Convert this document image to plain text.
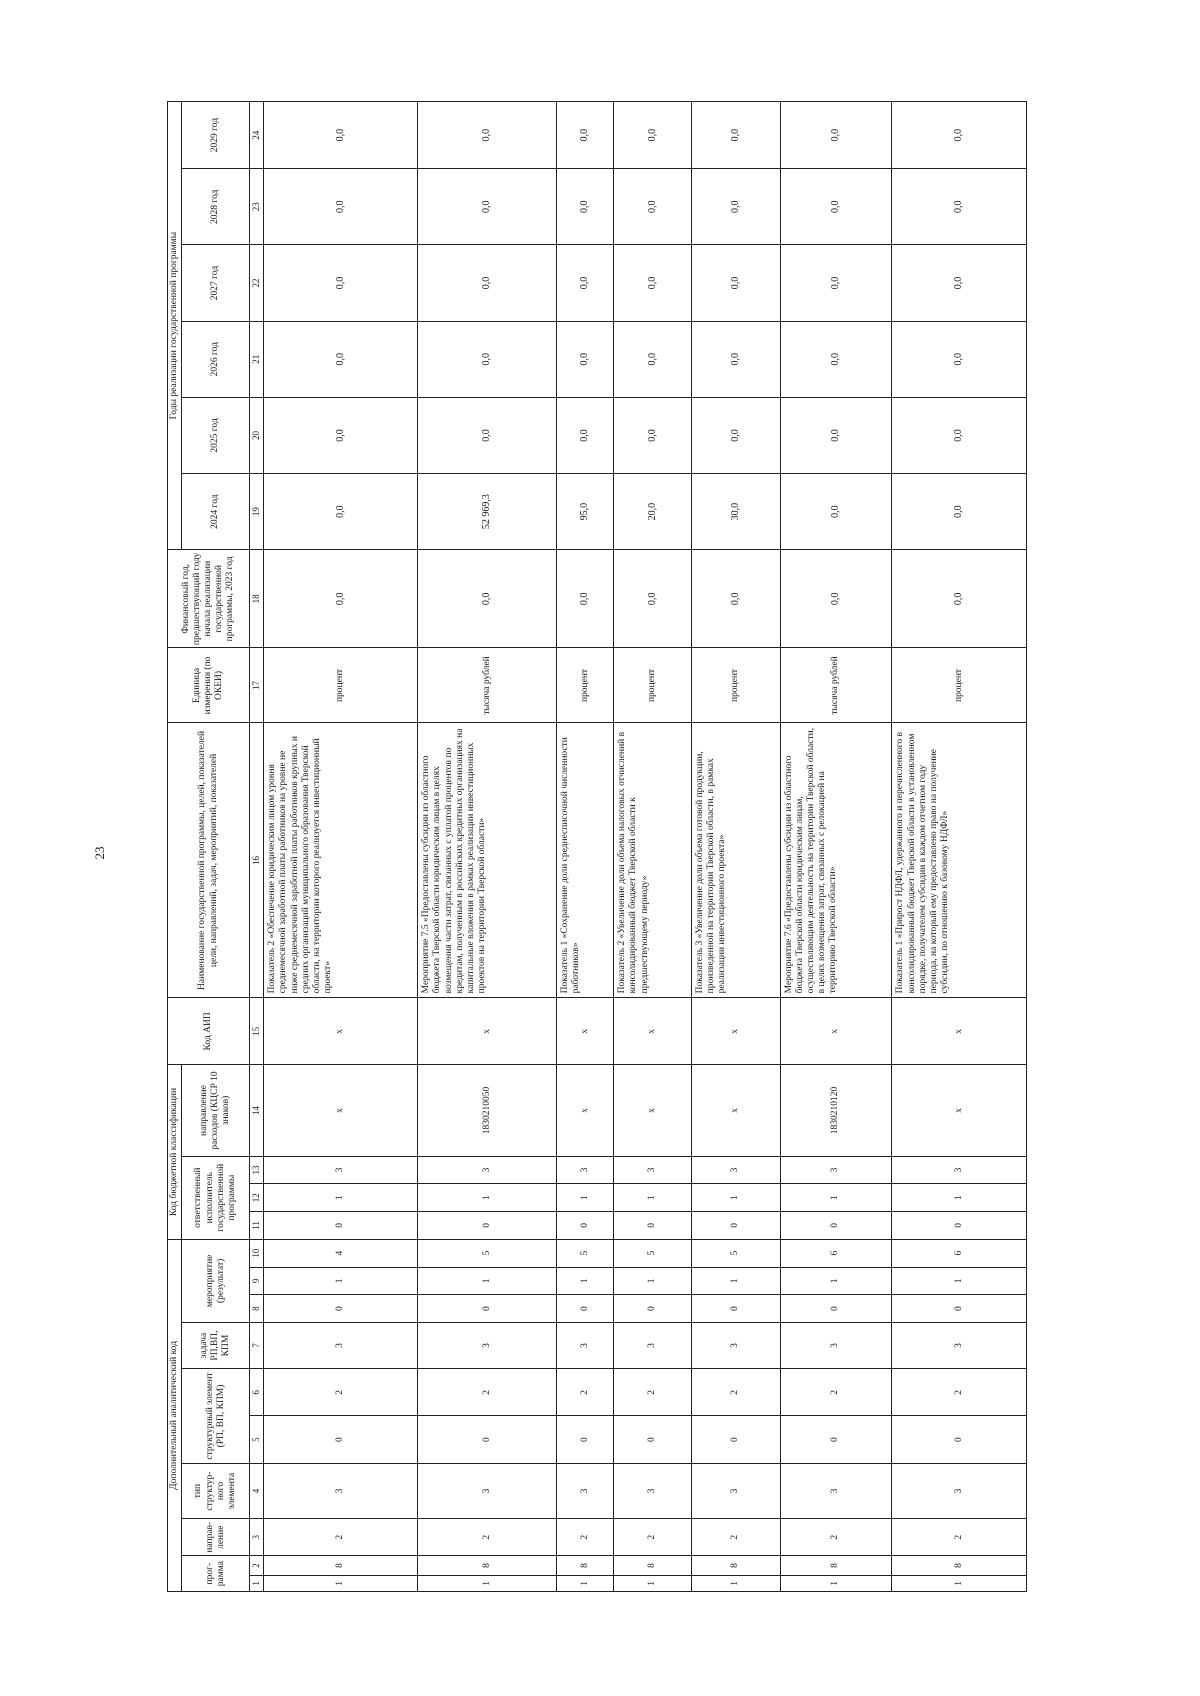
23
Дополнительный аналитический код										Код бюджетной классификации				Код АИП	Наименование государственной программы, целей, показателей цели, направлений, задач, мероприятий, показателей	Единица измерения (по ОКЕИ)	Финансовый год, предшествующий году начала реализации государственной программы, 2023 год	Годы реализации государственной программы					
прог-рамма		направ-ление	тип структур-ного элемента	структурный элемент (РП, ВП, КПМ)		задача РП,ВП, КПМ	мероприятие (результат)			ответственный исполнитель государственной программы			направление расходов (КЦСР 10 знаков)					2024 год	2025 год	2026 год	2027 год	2028 год	2029 год

1	2	3	4	5	6	7	8	9	10	11	12	13	14	15	16	17	18	19	20	21	22	23	24
1	8	2	3	0	2	3	0	1	4	0	1	3	x	x	Показатель 2 «Обеспечение юридическим лицом уровня среднемесячной заработной платы работников на уровне не ниже среднемесячной заработной платы работников крупных и средних организаций муниципального образования Тверской области, на территории которого реализуется инвестиционный проект»	процент	0,0	0,0	0,0	0,0	0,0	0,0	0,0
1	8	2	3	0	2	3	0	1	5	0	1	3	1830210050	x	Мероприятие 7.5 «Предоставлены субсидии из областного бюджета Тверской области юридическим лицам в целях возмещения части затрат, связанных с уплатой процентов по кредитам, полученным в российских кредитных организациях на капитальные вложения в рамках реализации инвестиционных проектов на территории Тверской области»	тысяча рублей	0,0	52 969,3	0,0	0,0	0,0	0,0	0,0
1	8	2	3	0	2	3	0	1	5	0	1	3	x	x	Показатель 1 «Сохранение доли среднесписочной численности работников»	процент	0,0	95,0	0,0	0,0	0,0	0,0	0,0
1	8	2	3	0	2	3	0	1	5	0	1	3	x	x	Показатель 2 «Увеличение доли объема налоговых отчислений в консолидированный бюджет Тверской области к предшествующему периоду»	процент	0,0	20,0	0,0	0,0	0,0	0,0	0,0
1	8	2	3	0	2	3	0	1	5	0	1	3	x	x	Показатель 3 «Увеличение доли объема готовой продукции, произведенной на территории Тверской области, в рамках реализации инвестиционного проекта»	процент	0,0	30,0	0,0	0,0	0,0	0,0	0,0
1	8	2	3	0	2	3	0	1	6	0	1	3	1830210120	x	Мероприятие 7.6 «Предоставлены субсидии из областного бюджета Тверской области юридическим лицам, осуществляющим деятельность на территории Тверской области, в целях возмещения затрат, связанных с релокацией на территорию Тверской области»	тысяча рублей	0,0	0,0	0,0	0,0	0,0	0,0	0,0
1	8	2	3	0	2	3	0	1	6	0	1	3	x	x	Показатель 1 «Прирост НДФЛ, удержанного и перечисленного в консолидированный бюджет Тверской области в установленном порядке, получателем субсидии в каждом отчетном году периода, на который ему предоставлено право на получение субсидии, по отношению к базовому НДФЛ»	процент	0,0	0,0	0,0	0,0	0,0	0,0	0,0
